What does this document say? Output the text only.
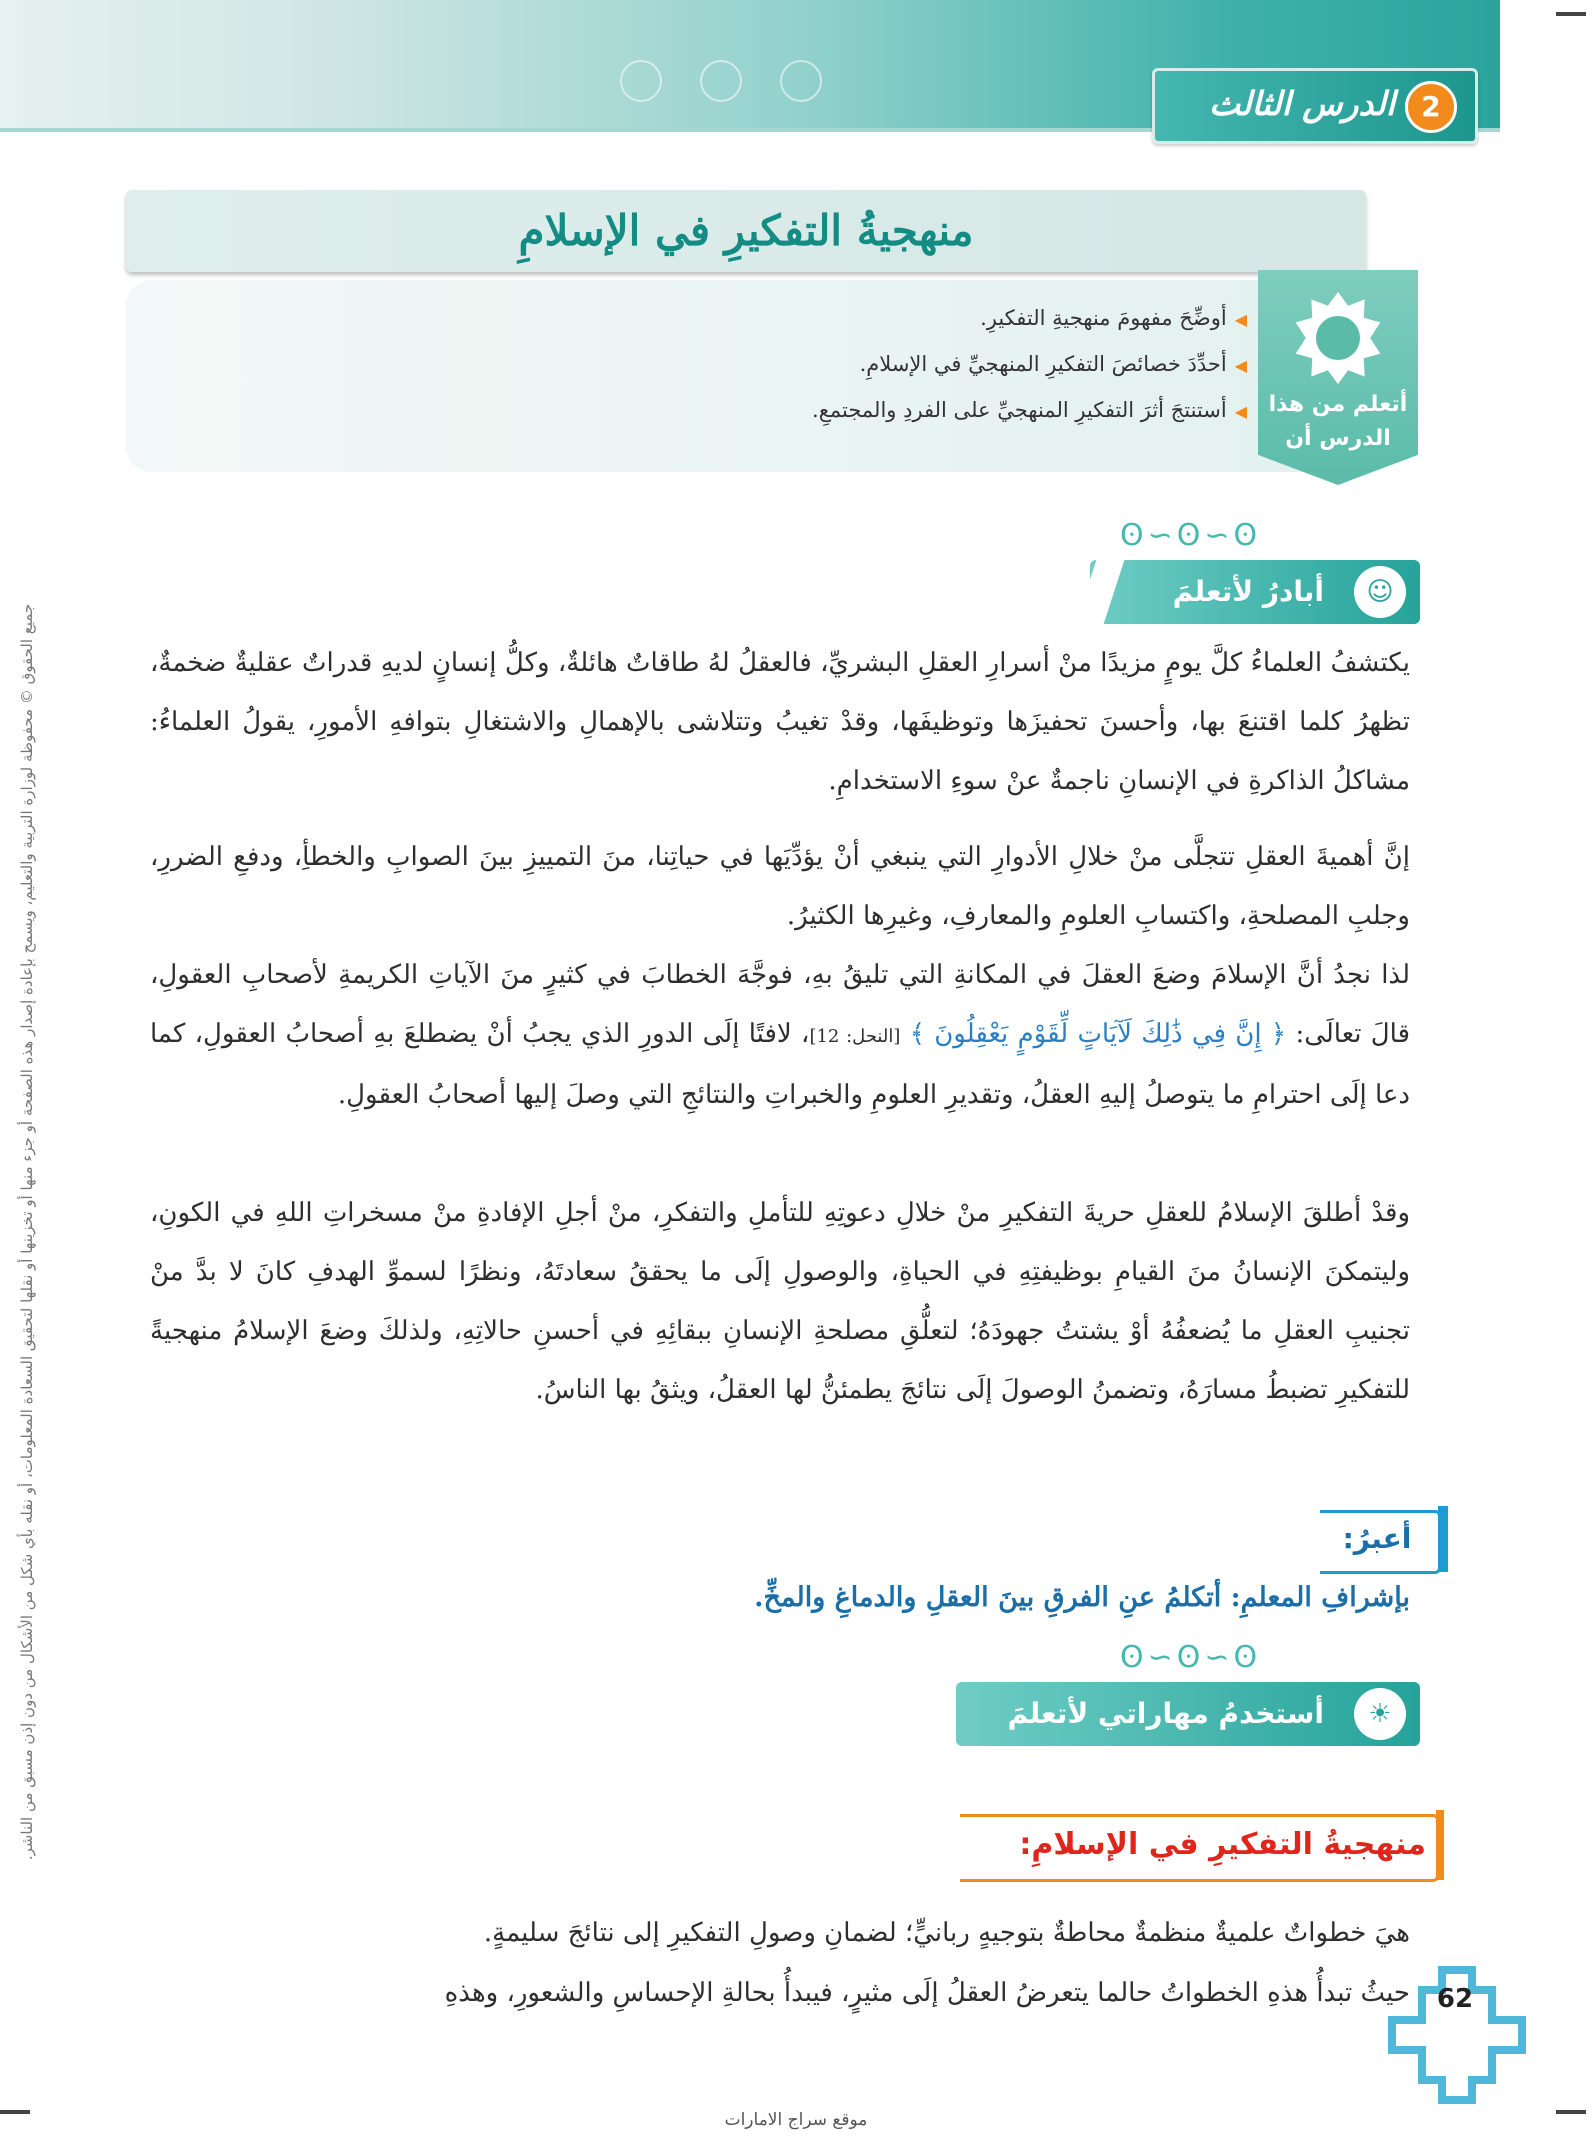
2
الدرس الثالث
منهجيةُ التفكيرِ في الإسلامِ
أتعلم من هذا الدرس أن
◀أوضِّحَ مفهومَ منهجيةِ التفكيرِ.
◀أحدِّدَ خصائصَ التفكيرِ المنهجيِّ في الإسلامِ.
◀أستنتجَ أثرَ التفكيرِ المنهجيِّ على الفردِ والمجتمعِ.
ʘ∽ʘ∽ʘ
☺
أبادرُ لأتعلمَ
يكتشفُ العلماءُ كلَّ يومٍ مزيدًا منْ أسرارِ العقلِ البشريِّ، فالعقلُ لهُ طاقاتٌ هائلةٌ، وكلُّ إنسانٍ لديهِ قدراتٌ عقليةٌ ضخمةٌ، تظهرُ كلما اقتنعَ بها، وأحسنَ تحفيزَها وتوظيفَها، وقدْ تغيبُ وتتلاشى بالإهمالِ والاشتغالِ بتوافهِ الأمورِ، يقولُ العلماءُ: مشاكلُ الذاكرةِ في الإنسانِ ناجمةٌ عنْ سوءِ الاستخدامِ.
إنَّ أهميةَ العقلِ تتجلَّى منْ خلالِ الأدوارِ التي ينبغي أنْ يؤدِّيَها في حياتِنا، منَ التمييزِ بينَ الصوابِ والخطأِ، ودفعِ الضررِ، وجلبِ المصلحةِ، واكتسابِ العلومِ والمعارفِ، وغيرِها الكثيرُ.
لذا نجدُ أنَّ الإسلامَ وضعَ العقلَ في المكانةِ التي تليقُ بهِ، فوجَّهَ الخطابَ في كثيرٍ منَ الآياتِ الكريمةِ لأصحابِ العقولِ، قالَ تعالَى: ﴿ إِنَّ فِي ذَٰلِكَ لَآيَاتٍ لِّقَوْمٍ يَعْقِلُونَ ﴾ [النحل: 12]، لافتًا إلَى الدورِ الذي يجبُ أنْ يضطلعَ بهِ أصحابُ العقولِ، كما دعا إلَى احترامِ ما يتوصلُ إليهِ العقلُ، وتقديرِ العلومِ والخبراتِ والنتائجِ التي وصلَ إليها أصحابُ العقولِ.
وقدْ أطلقَ الإسلامُ للعقلِ حريةَ التفكيرِ منْ خلالِ دعوتِهِ للتأملِ والتفكرِ، منْ أجلِ الإفادةِ منْ مسخراتِ اللهِ في الكونِ، وليتمكنَ الإنسانُ منَ القيامِ بوظيفتِهِ في الحياةِ، والوصولِ إلَى ما يحققُ سعادتَهُ، ونظرًا لسموِّ الهدفِ كانَ لا بدَّ منْ تجنيبِ العقلِ ما يُضعفُهُ أوْ يشتتُ جهودَهُ؛ لتعلُّقِ مصلحةِ الإنسانِ ببقائِهِ في أحسنِ حالاتِهِ، ولذلكَ وضعَ الإسلامُ منهجيةً للتفكيرِ تضبطُ مسارَهُ، وتضمنُ الوصولَ إلَى نتائجَ يطمئنُّ لها العقلُ، ويثقُ بها الناسُ.
أعبرُ:
بإشرافِ المعلمِ: أتكلمُ عنِ الفرقِ بينَ العقلِ والدماغِ والمخِّ.
ʘ∽ʘ∽ʘ
☀
أستخدمُ مهاراتي لأتعلمَ
منهجيةُ التفكيرِ في الإسلامِ:
هيَ خطواتٌ علميةٌ منظمةٌ محاطةٌ بتوجيهٍ ربانيٍّ؛ لضمانِ وصولِ التفكيرِ إلى نتائجَ سليمةٍ.
حيثُ تبدأُ هذهِ الخطواتُ حالما يتعرضُ العقلُ إلَى مثيرٍ، فيبدأُ بحالةِ الإحساسِ والشعورِ، وهذهِ
جميع الحقوق © محفوظة لوزارة التربية والتعليم، ويسمح بإعادة إصدار هذه الصفحة أو جزء منها أو تخزينها أو نقلها لتحقيق السعادة المعلومات، أو نقله بأي شكل من الأشكال من دون إذن مسبق من الناشر.
62
موقع سراج الامارات
